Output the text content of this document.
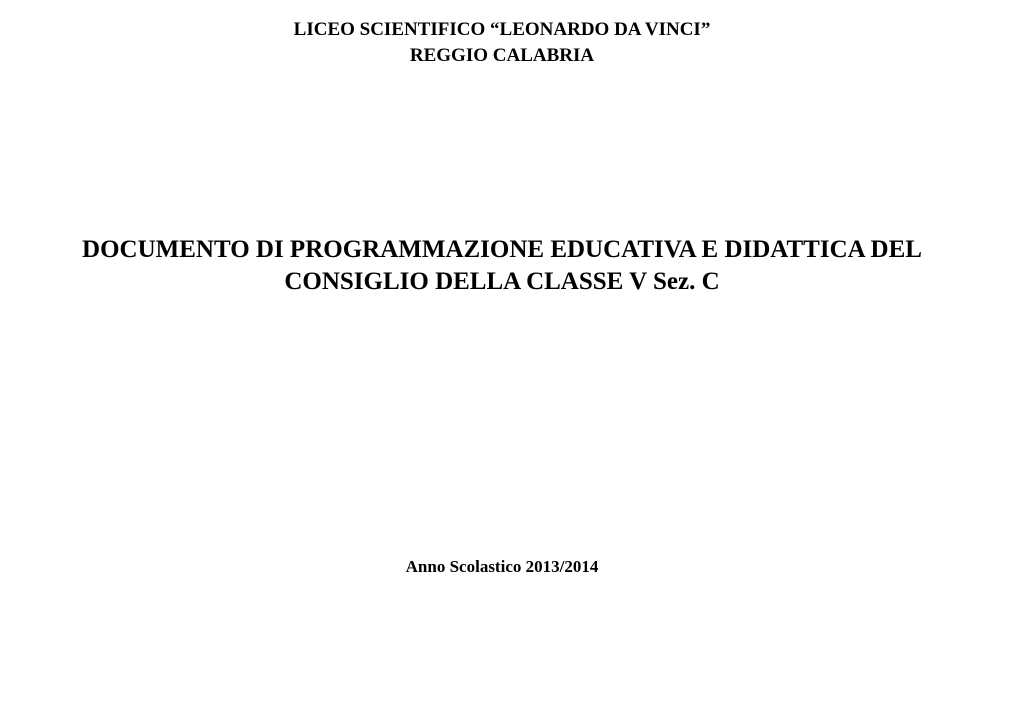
LICEO SCIENTIFICO “LEONARDO DA VINCI”
REGGIO CALABRIA
DOCUMENTO DI PROGRAMMAZIONE EDUCATIVA E DIDATTICA DEL
CONSIGLIO DELLA CLASSE V Sez. C
Anno Scolastico 2013/2014
